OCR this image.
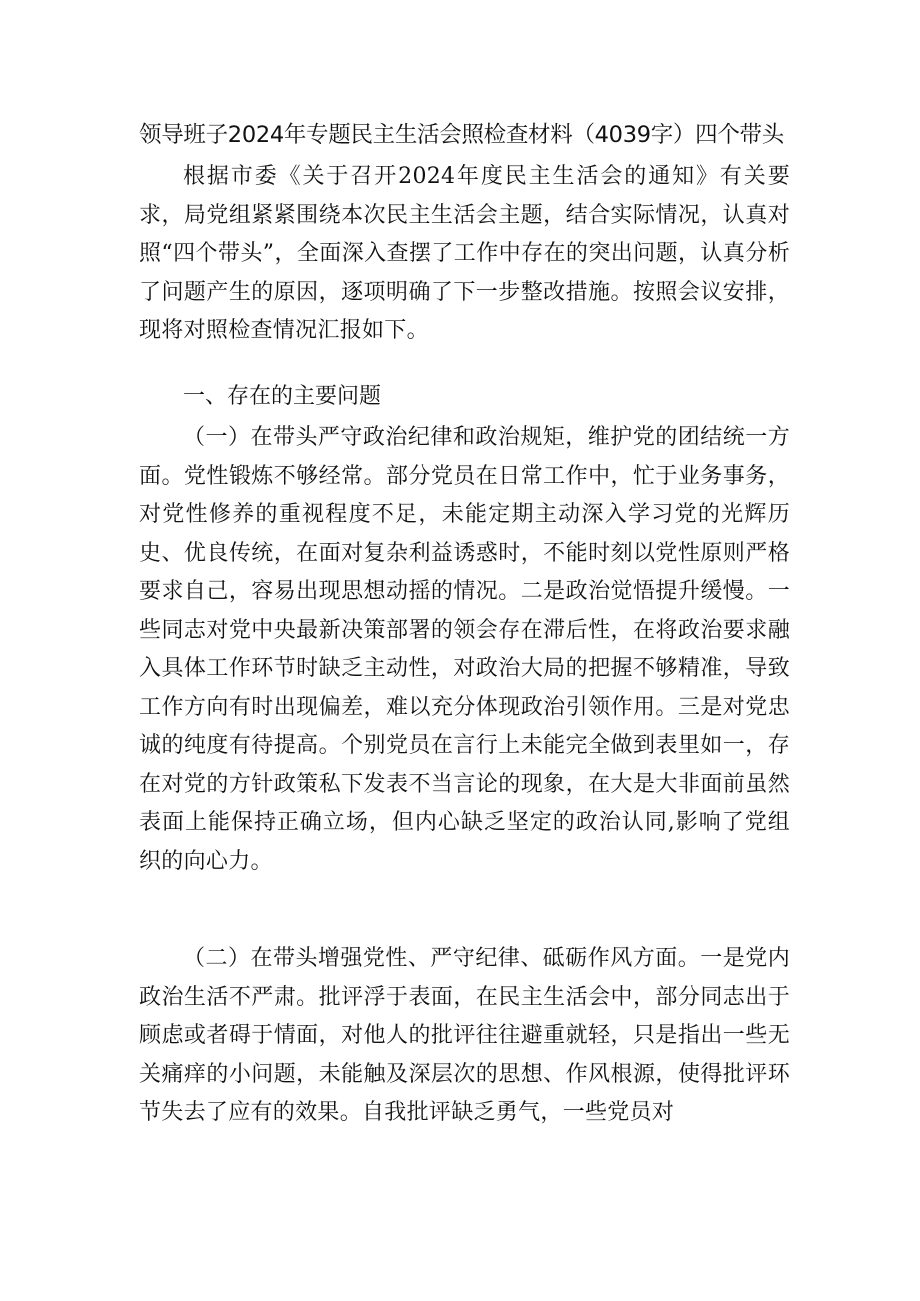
领导班子2024年专题民主生活会照检查材料（4039字）四个带头
根据市委《关于召开2024年度民主生活会的通知》有关要求，局党组紧紧围绕本次民主生活会主题，结合实际情况，认真对照“四个带头”，全面深入查摆了工作中存在的突出问题，认真分析了问题产生的原因，逐项明确了下一步整改措施。按照会议安排，现将对照检查情况汇报如下。
一、存在的主要问题
（一）在带头严守政治纪律和政治规矩，维护党的团结统一方面。党性锻炼不够经常。部分党员在日常工作中，忙于业务事务，对党性修养的重视程度不足，未能定期主动深入学习党的光辉历史、优良传统，在面对复杂利益诱惑时，不能时刻以党性原则严格要求自己，容易出现思想动摇的情况。二是政治觉悟提升缓慢。一些同志对党中央最新决策部署的领会存在滞后性，在将政治要求融入具体工作环节时缺乏主动性，对政治大局的把握不够精准，导致工作方向有时出现偏差，难以充分体现政治引领作用。三是对党忠诚的纯度有待提高。个别党员在言行上未能完全做到表里如一，存在对党的方针政策私下发表不当言论的现象，在大是大非面前虽然表面上能保持正确立场，但内心缺乏坚定的政治认同,影响了党组织的向心力。
（二）在带头增强党性、严守纪律、砥砺作风方面。一是党内政治生活不严肃。批评浮于表面，在民主生活会中，部分同志出于顾虑或者碍于情面，对他人的批评往往避重就轻，只是指出一些无关痛痒的小问题，未能触及深层次的思想、作风根源，使得批评环节失去了应有的效果。自我批评缺乏勇气，一些党员对
